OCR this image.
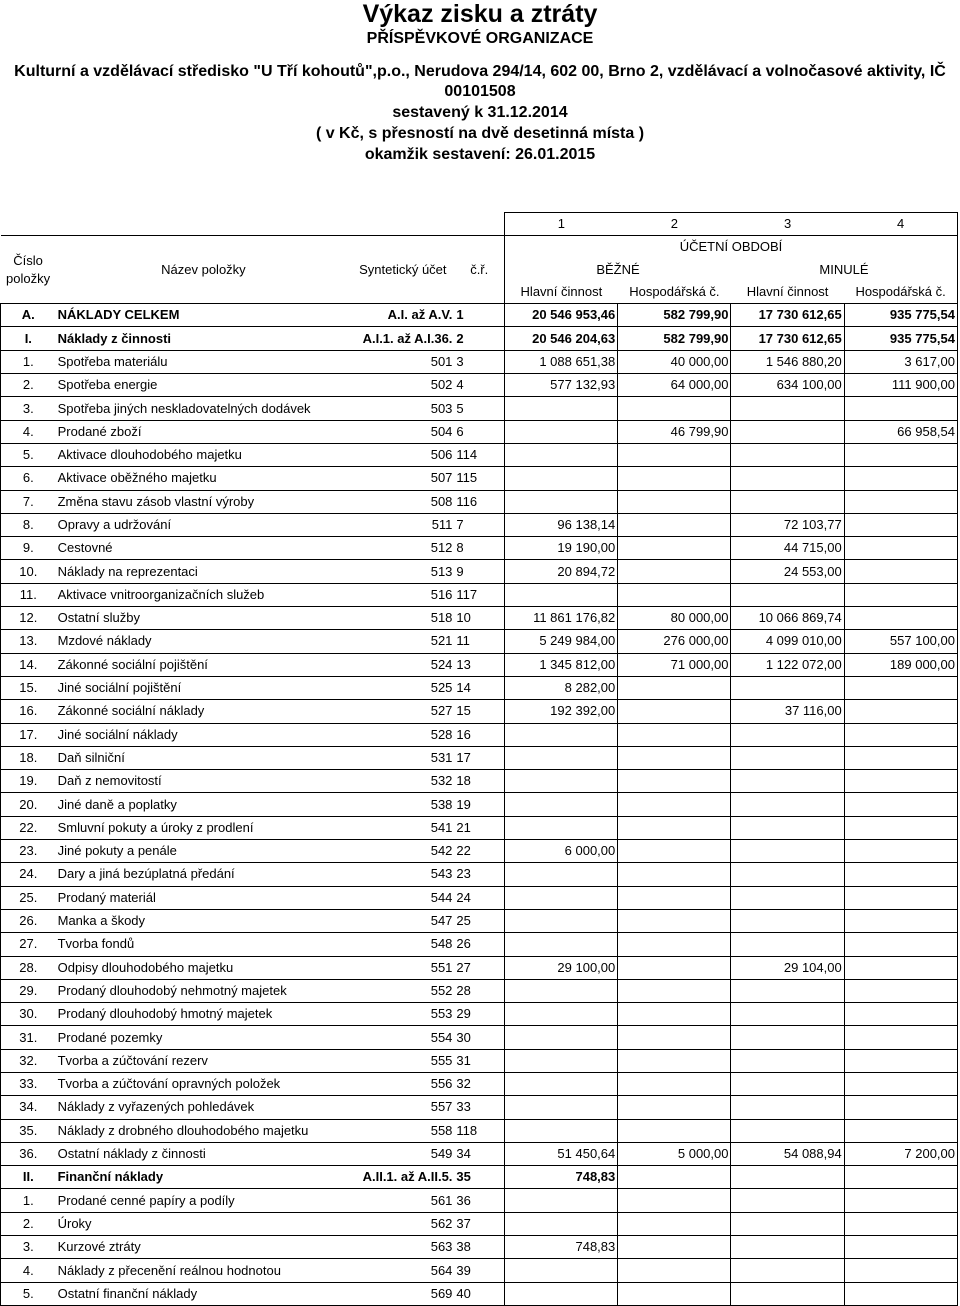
Výkaz zisku a ztráty
PŘÍSPĚVKOVÉ ORGANIZACE
Kulturní a vzdělávací středisko "U Tří kohoutů",p.o., Nerudova 294/14, 602 00, Brno 2, vzdělávací a volnočasové aktivity, IČ 00101508
sestavený k 31.12.2014
( v Kč, s přesností na dvě desetinná místa )
okamžik sestavení: 26.01.2015
				1	2	3	4
Číslo položky	Název položky	Syntetický účet	č.ř.	ÚČETNÍ OBDOBÍ			
				BĚŽNÉ		MINULÉ	
				Hlavní činnost	Hospodářská č.	Hlavní činnost	Hospodářská č.
A.	NÁKLADY CELKEM	A.I. až A.V.	1	20 546 953,46	582 799,90	17 730 612,65	935 775,54
I.	Náklady z činnosti	A.I.1. až A.I.36.	2	20 546 204,63	582 799,90	17 730 612,65	935 775,54
1.	Spotřeba materiálu	501	3	1 088 651,38	40 000,00	1 546 880,20	3 617,00
2.	Spotřeba energie	502	4	577 132,93	64 000,00	634 100,00	111 900,00
3.	Spotřeba jiných neskladovatelných dodávek	503	5				
4.	Prodané zboží	504	6		46 799,90		66 958,54
5.	Aktivace dlouhodobého majetku	506	114				
6.	Aktivace oběžného majetku	507	115				
7.	Změna stavu zásob vlastní výroby	508	116				
8.	Opravy a udržování	511	7	96 138,14		72 103,77	
9.	Cestovné	512	8	19 190,00		44 715,00	
10.	Náklady na reprezentaci	513	9	20 894,72		24 553,00	
11.	Aktivace vnitroorganizačních služeb	516	117				
12.	Ostatní služby	518	10	11 861 176,82	80 000,00	10 066 869,74	
13.	Mzdové náklady	521	11	5 249 984,00	276 000,00	4 099 010,00	557 100,00
14.	Zákonné sociální pojištění	524	13	1 345 812,00	71 000,00	1 122 072,00	189 000,00
15.	Jiné sociální pojištění	525	14	8 282,00			
16.	Zákonné sociální náklady	527	15	192 392,00		37 116,00	
17.	Jiné sociální náklady	528	16				
18.	Daň silniční	531	17				
19.	Daň z nemovitostí	532	18				
20.	Jiné daně a poplatky	538	19				
22.	Smluvní pokuty a úroky z prodlení	541	21				
23.	Jiné pokuty a penále	542	22	6 000,00			
24.	Dary a jiná bezúplatná předání	543	23				
25.	Prodaný materiál	544	24				
26.	Manka a škody	547	25				
27.	Tvorba fondů	548	26				
28.	Odpisy dlouhodobého majetku	551	27	29 100,00		29 104,00	
29.	Prodaný dlouhodobý nehmotný majetek	552	28				
30.	Prodaný dlouhodobý hmotný majetek	553	29				
31.	Prodané pozemky	554	30				
32.	Tvorba a zúčtování rezerv	555	31				
33.	Tvorba a zúčtování opravných položek	556	32				
34.	Náklady z vyřazených pohledávek	557	33				
35.	Náklady z drobného dlouhodobého majetku	558	118				
36.	Ostatní náklady z činnosti	549	34	51 450,64	5 000,00	54 088,94	7 200,00
II.	Finanční náklady	A.II.1. až A.II.5.	35	748,83			
1.	Prodané cenné papíry a podíly	561	36				
2.	Úroky	562	37				
3.	Kurzové ztráty	563	38	748,83			
4.	Náklady z přecenění reálnou hodnotou	564	39				
5.	Ostatní finanční náklady	569	40				
